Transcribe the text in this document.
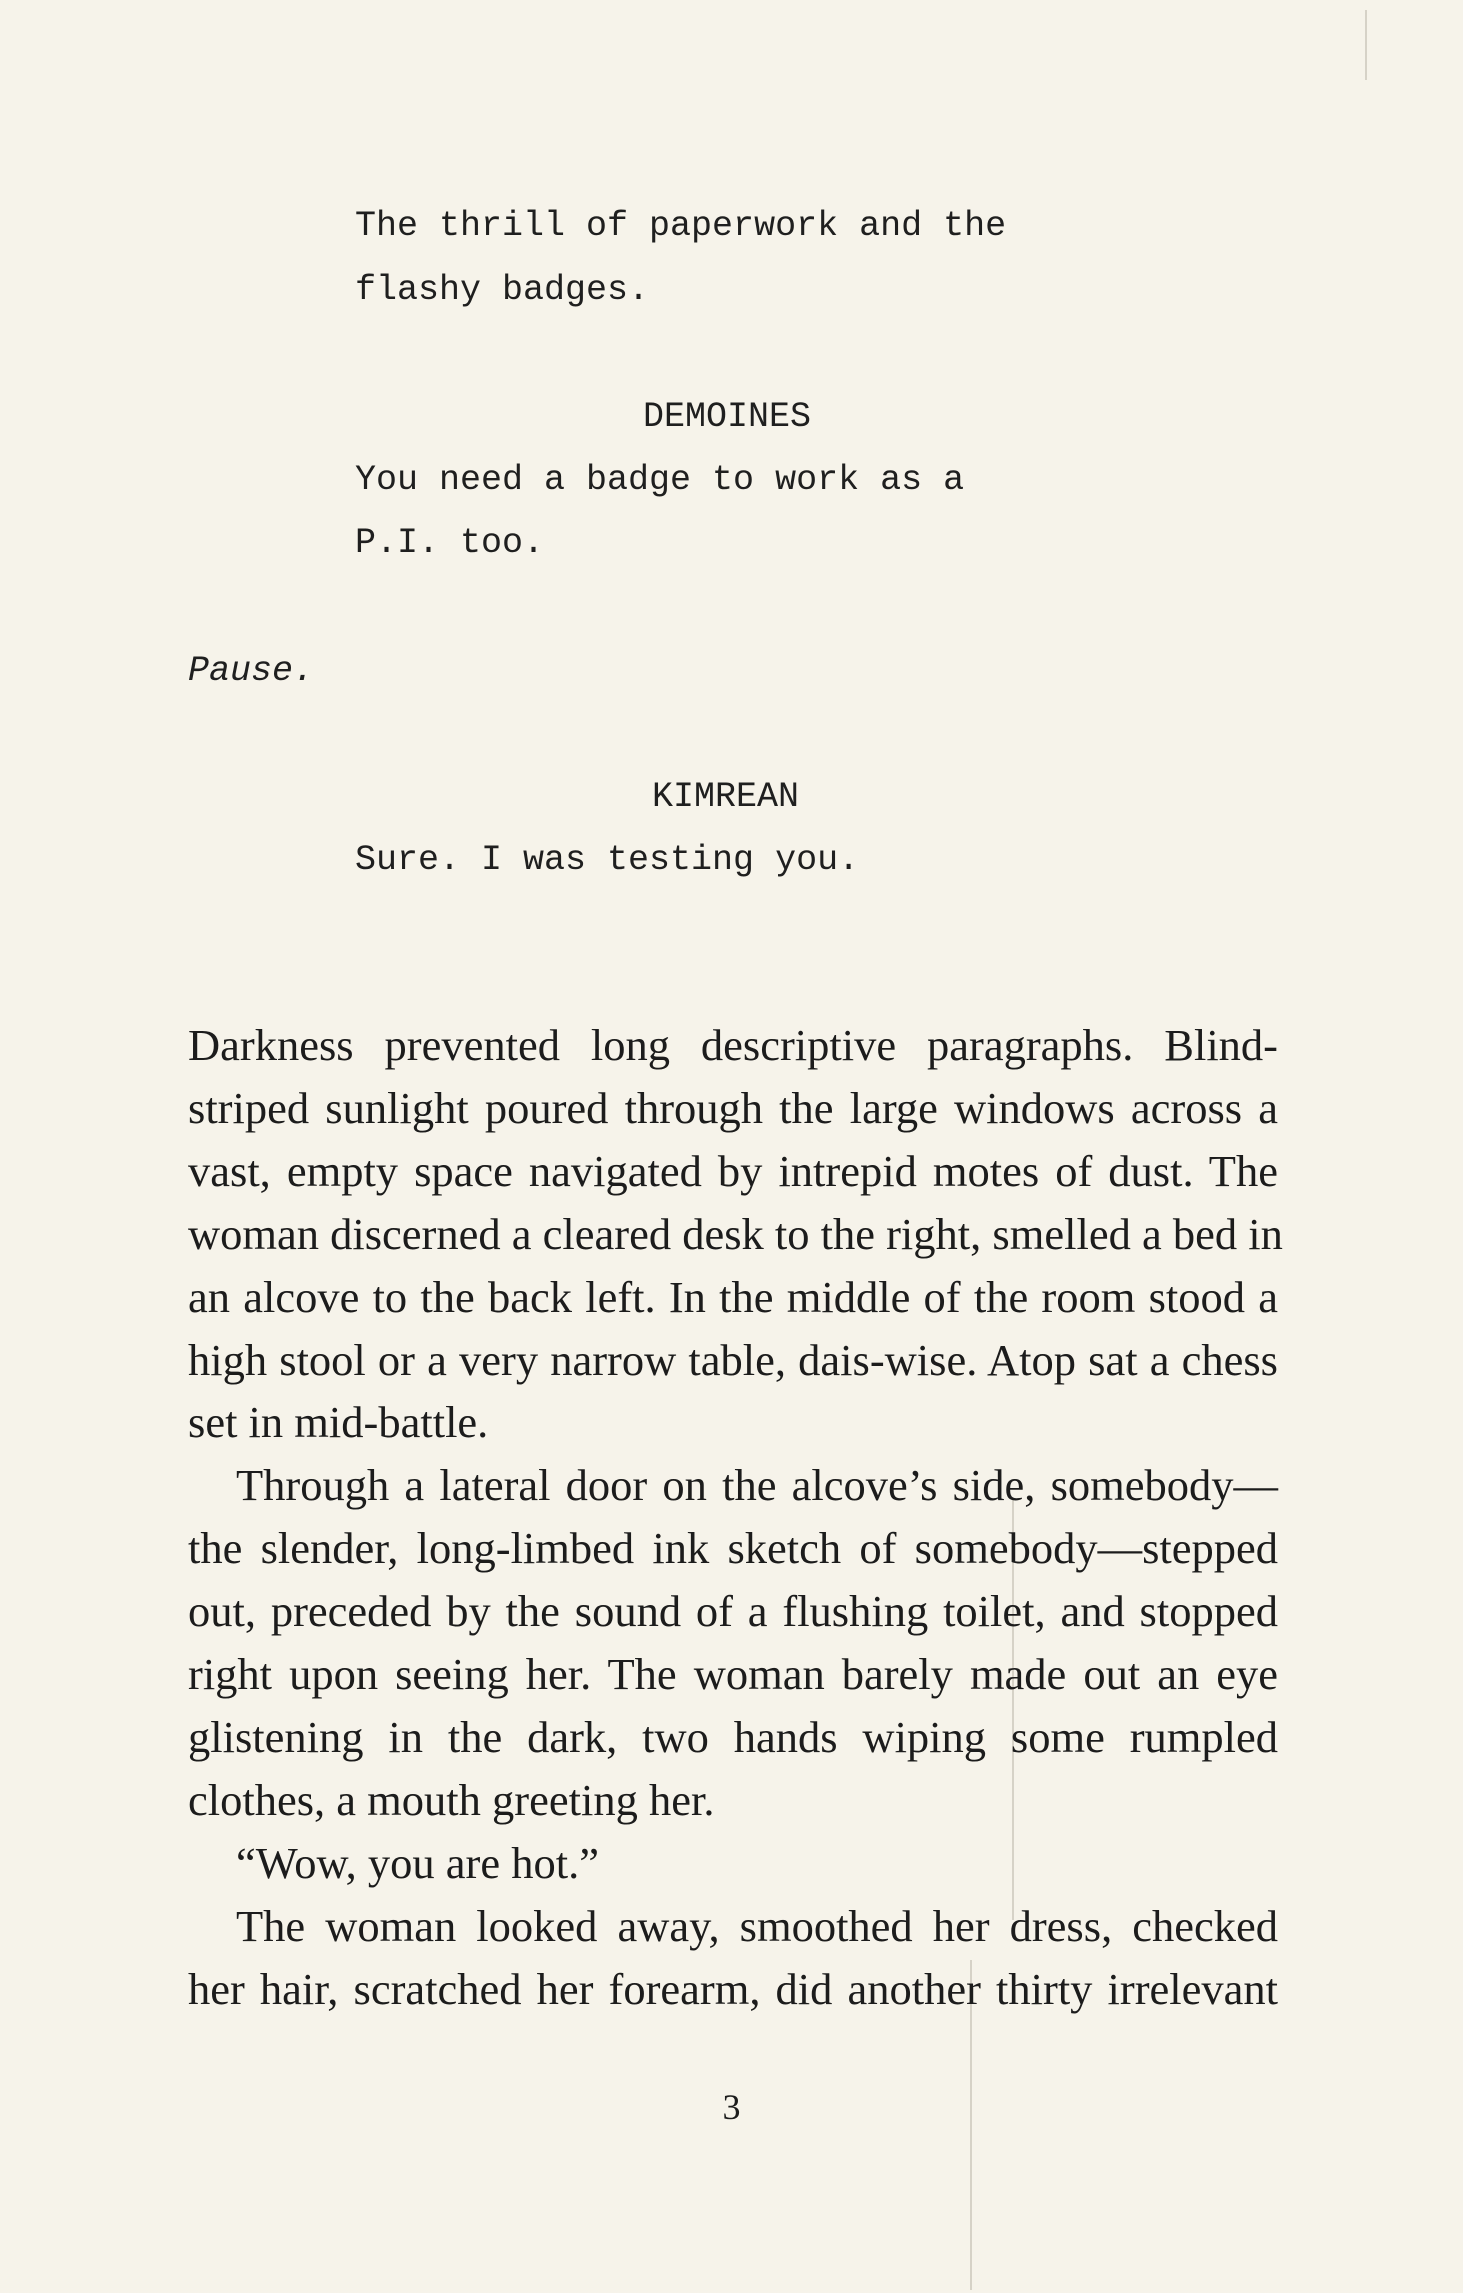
The thrill of paperwork and the
flashy badges.
DEMOINES
You need a badge to work as a
P.I. too.
Pause.
KIMREAN
Sure. I was testing you.
Darkness prevented long descriptive paragraphs. Blind-
striped sunlight poured through the large windows across a
vast, empty space navigated by intrepid motes of dust. The
woman discerned a cleared desk to the right, smelled a bed in
an alcove to the back left. In the middle of the room stood a
high stool or a very narrow table, dais-wise. Atop sat a chess
set in mid-battle.
Through a lateral door on the alcove’s side, somebody—
the slender, long-limbed ink sketch of somebody—stepped
out, preceded by the sound of a flushing toilet, and stopped
right upon seeing her. The woman barely made out an eye
glistening in the dark, two hands wiping some rumpled
clothes, a mouth greeting her.
“Wow, you are hot.”
The woman looked away, smoothed her dress, checked
her hair, scratched her forearm, did another thirty irrelevant
3
